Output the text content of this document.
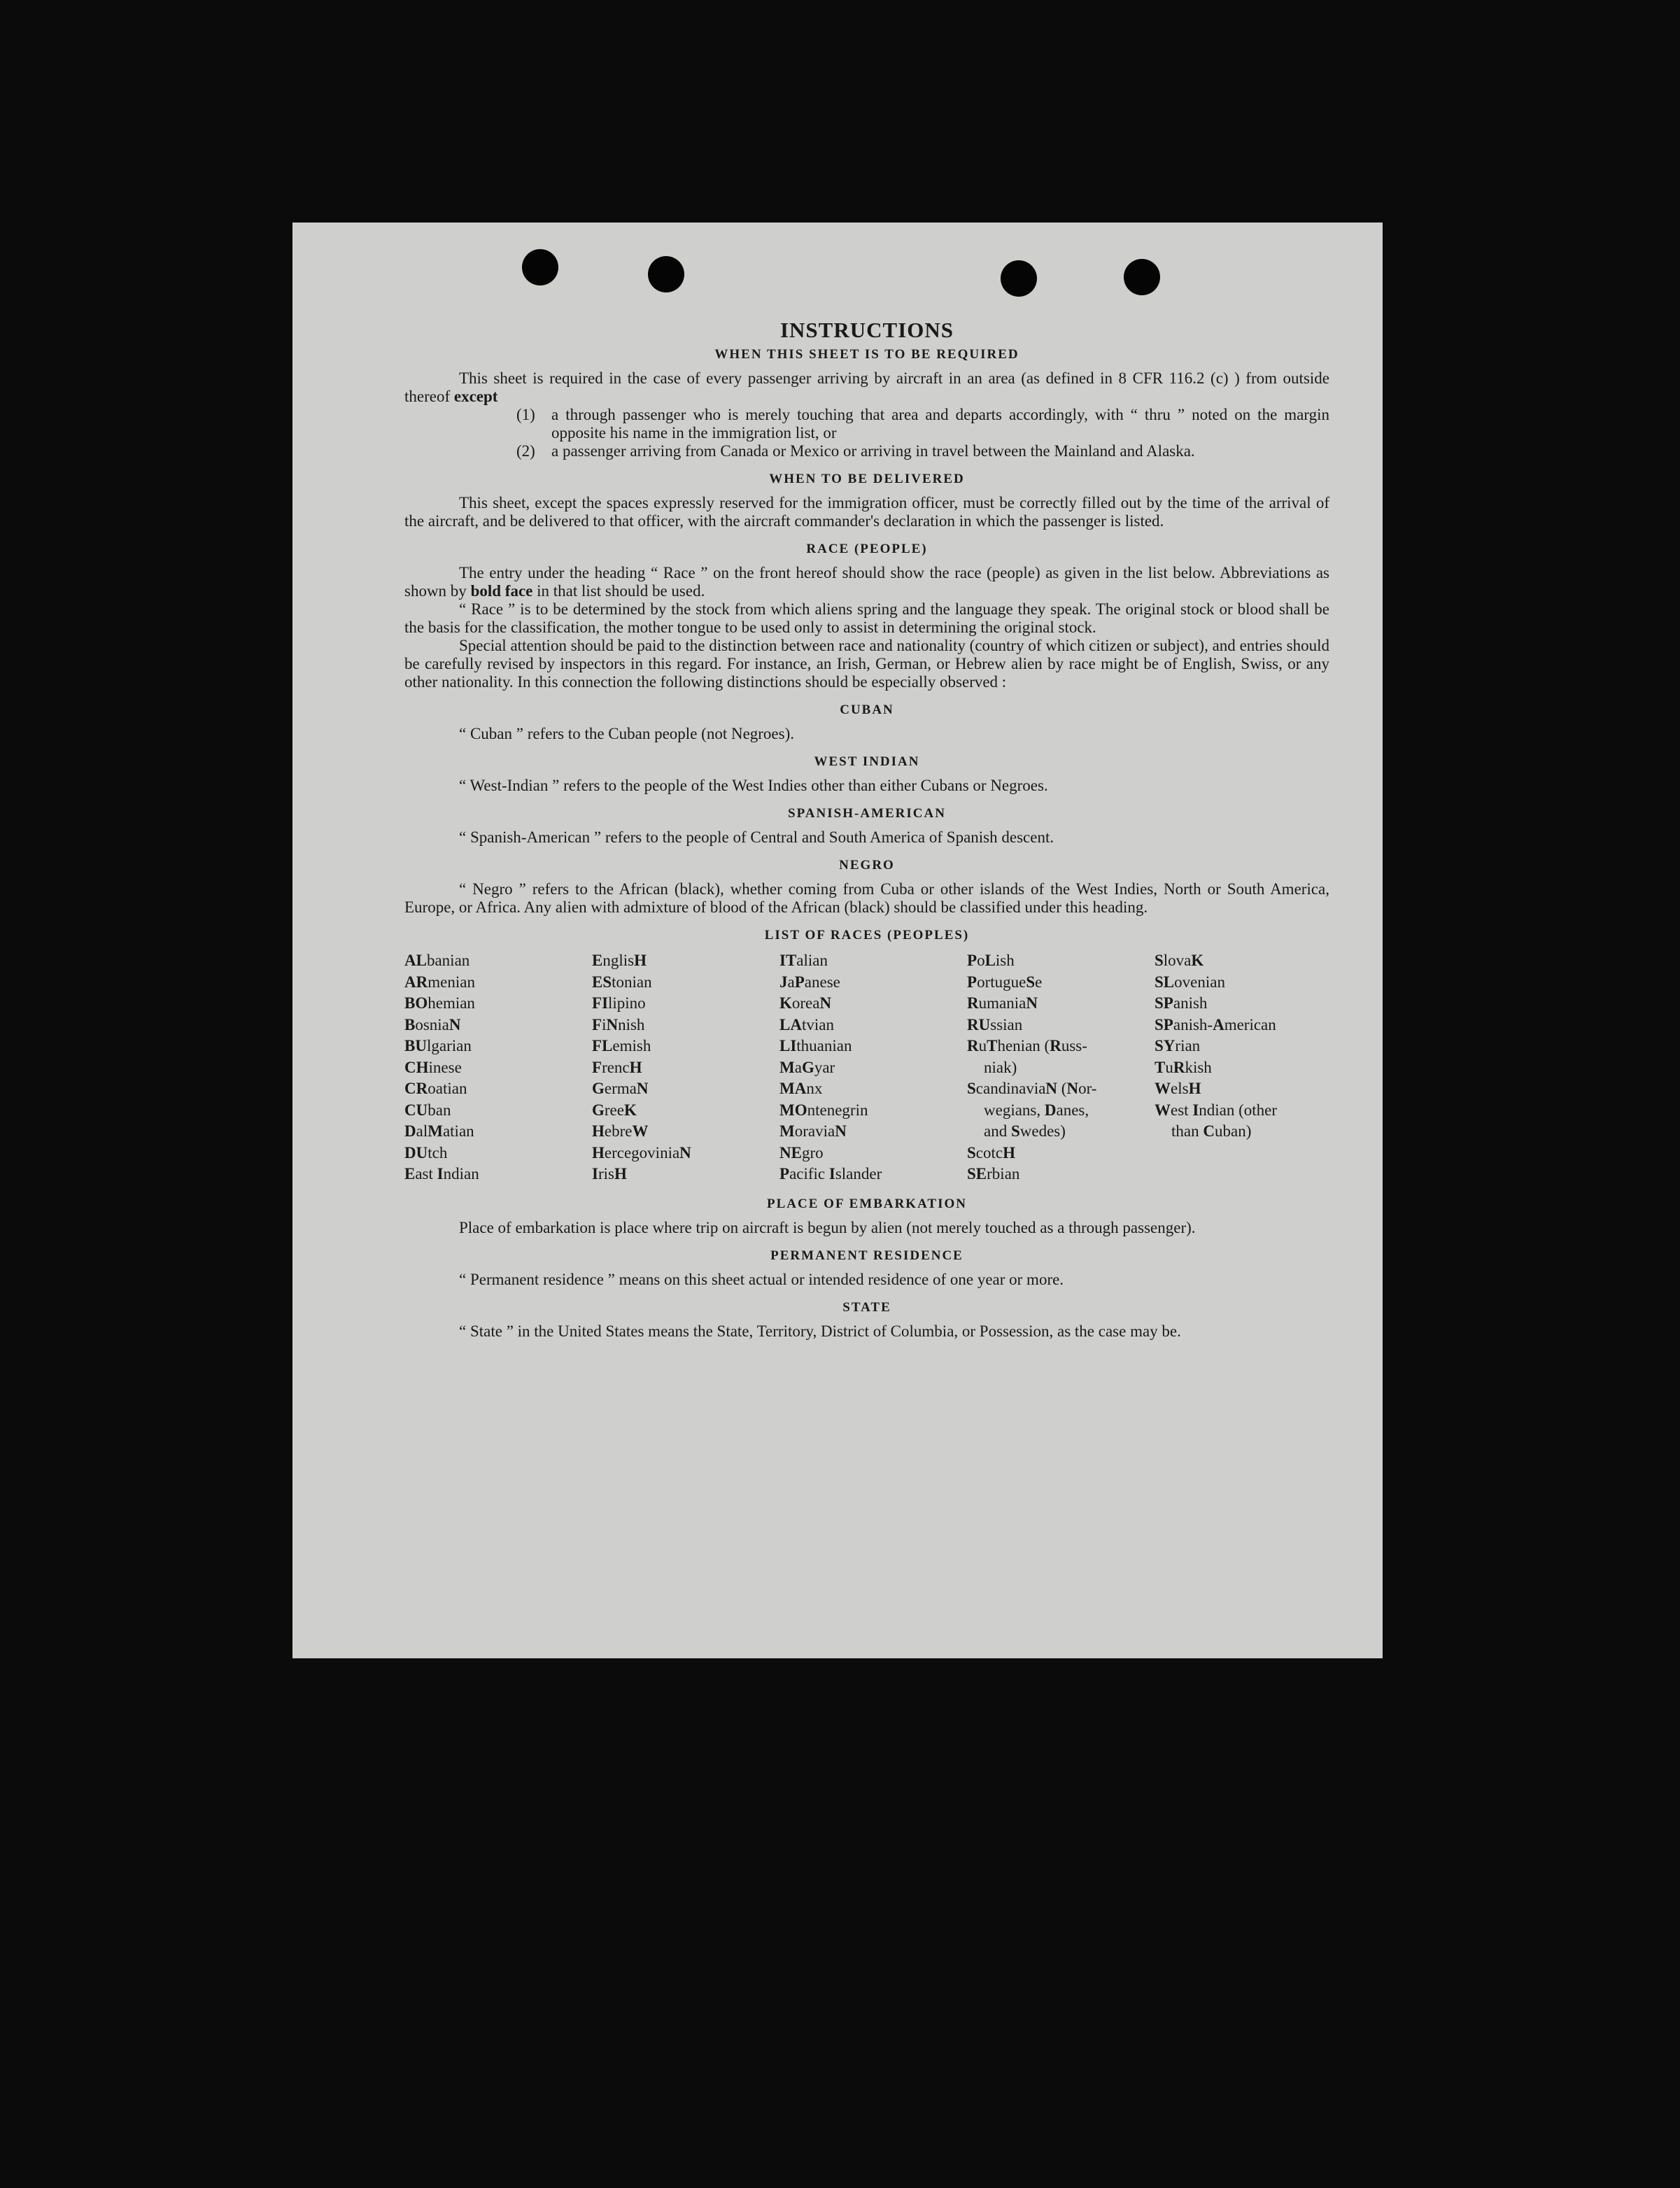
INSTRUCTIONS
WHEN THIS SHEET IS TO BE REQUIRED

This sheet is required in the case of every passenger arriving by aircraft in an area (as defined in 8 CFR 116.2 (c) ) from outside thereof except

(1)	a through passenger who is merely touching that area and departs accordingly, with “ thru ” noted on the margin opposite his name in the immigration list, or
(2)	a passenger arriving from Canada or Mexico or arriving in travel between the Mainland and Alaska.
WHEN TO BE DELIVERED

This sheet, except the spaces expressly reserved for the immigration officer, must be correctly filled out by the time of the arrival of the aircraft, and be delivered to that officer, with the aircraft commander's declaration in which the passenger is listed.

RACE (PEOPLE)

The entry under the heading “ Race ” on the front hereof should show the race (people) as given in the list below. Abbreviations as shown by bold face in that list should be used.

“ Race ” is to be determined by the stock from which aliens spring and the language they speak. The original stock or blood shall be the basis for the classification, the mother tongue to be used only to assist in determining the original stock.

Special attention should be paid to the distinction between race and nationality (country of which citizen or subject), and entries should be carefully revised by inspectors in this regard. For instance, an Irish, German, or Hebrew alien by race might be of English, Swiss, or any other nationality. In this connection the following distinctions should be especially observed :

CUBAN

“ Cuban ” refers to the Cuban people (not Negroes).

WEST INDIAN

“ West-Indian ” refers to the people of the West Indies other than either Cubans or Negroes.

SPANISH-AMERICAN

“ Spanish-American ” refers to the people of Central and South America of Spanish descent.

NEGRO

“ Negro ” refers to the African (black), whether coming from Cuba or other islands of the West Indies, North or South America, Europe, or Africa. Any alien with admixture of blood of the African (black) should be classified under this heading.

LIST OF RACES (PEOPLES)
ALbanian
ARmenian
BOhemian
BosniaN
BUlgarian
CHinese
CRoatian
CUban
DalMatian
DUtch
East Indian
EnglisH
EStonian
FIlipino
FiNnish
FLemish
FrencH
GermaN
GreeK
HebreW
HercegoviniaN
IrisH
ITalian
JaPanese
KoreaN
LAtvian
LIthuanian
MaGyar
MAnx
MOntenegrin
MoraviaN
NEgro
Pacific Islander
PoLish
PortugueSe
RumaniaN
RUssian
RuThenian (Russ-
niak)
ScandinaviaN (Nor-
wegians, Danes,
and Swedes)
ScotcH
SErbian
SlovaK
SLovenian
SPanish
SPanish-American
SYrian
TuRkish
WelsH
West Indian (other
than Cuban)
PLACE OF EMBARKATION

Place of embarkation is place where trip on aircraft is begun by alien (not merely touched as a through passenger).

PERMANENT RESIDENCE

“ Permanent residence ” means on this sheet actual or intended residence of one year or more.

STATE

“ State ” in the United States means the State, Territory, District of Columbia, or Possession, as the case may be.
